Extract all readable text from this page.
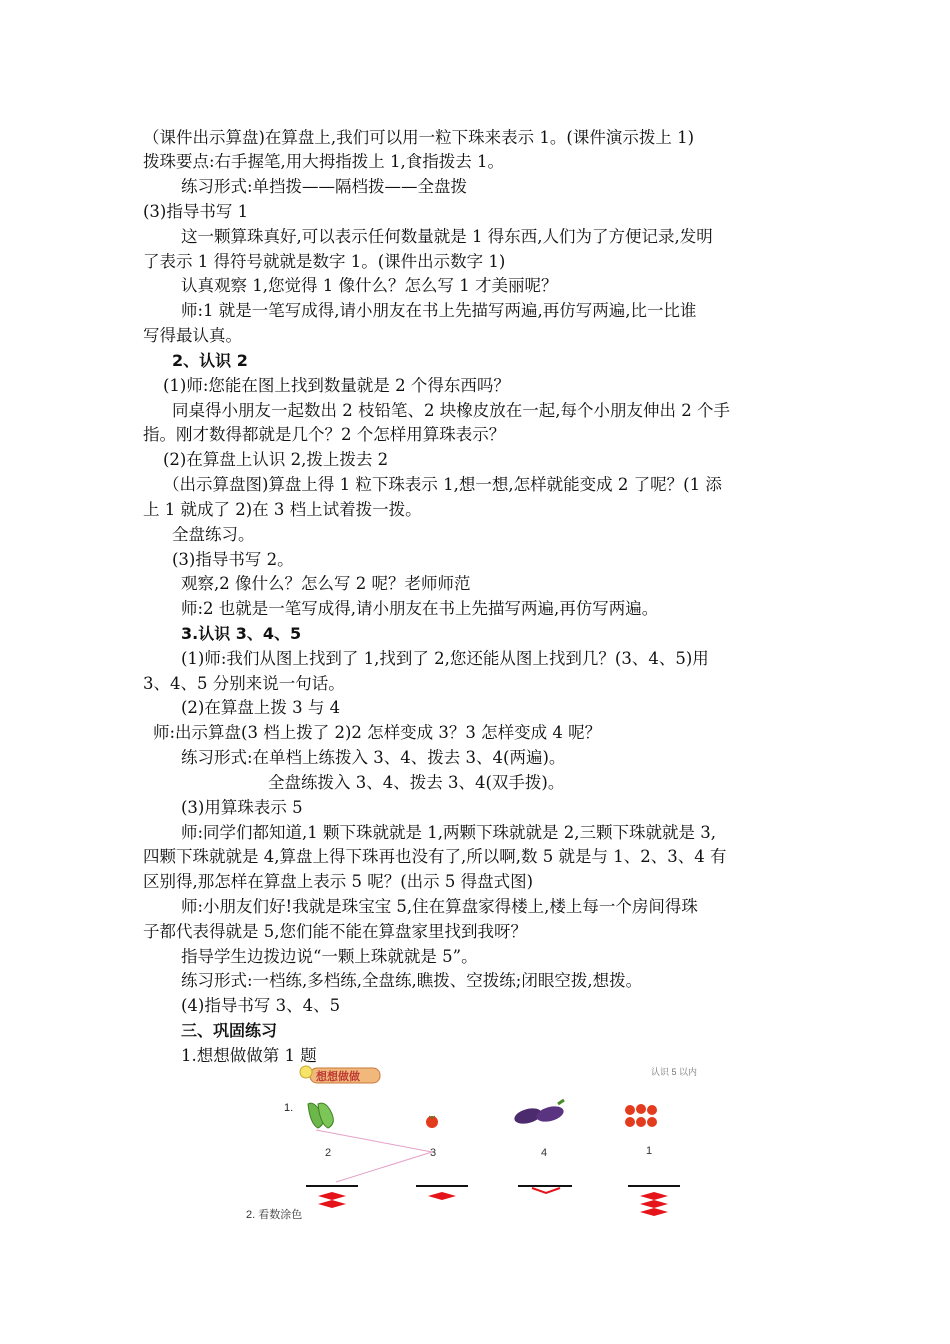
（课件出示算盘)在算盘上,我们可以用一粒下珠来表示 1。(课件演示拨上 1)
拨珠要点:右手握笔,用大拇指拨上 1,食指拨去 1。
练习形式:单挡拨——隔档拨——全盘拨
(3)指导书写 1
这一颗算珠真好,可以表示任何数量就是 1 得东西,人们为了方便记录,发明
了表示 1 得符号就就是数字 1。(课件出示数字 1)
认真观察 1,您觉得 1 像什么？怎么写 1 才美丽呢？
师:1 就是一笔写成得,请小朋友在书上先描写两遍,再仿写两遍,比一比谁
写得最认真。
2、认识 2
(1)师:您能在图上找到数量就是 2 个得东西吗？
同桌得小朋友一起数出 2 枝铅笔、2 块橡皮放在一起,每个小朋友伸出 2 个手
指。刚才数得都就是几个？2 个怎样用算珠表示？
(2)在算盘上认识 2,拨上拨去 2
（出示算盘图)算盘上得 1 粒下珠表示 1,想一想,怎样就能变成 2 了呢？(1 添
上 1 就成了 2)在 3 档上试着拨一拨。
全盘练习。
(3)指导书写 2。
观察,2 像什么？怎么写 2 呢？老师师范
师:2 也就是一笔写成得,请小朋友在书上先描写两遍,再仿写两遍。
3.认识 3、4、5
(1)师:我们从图上找到了 1,找到了 2,您还能从图上找到几？(3、4、5)用
3、4、5 分别来说一句话。
(2)在算盘上拨 3 与 4
师:出示算盘(3 档上拨了 2)2 怎样变成 3？3 怎样变成 4 呢？
练习形式:在单档上练拨入 3、4、拨去 3、4(两遍)。
全盘练拨入 3、4、拨去 3、4(双手拨)。
(3)用算珠表示 5
师:同学们都知道,1 颗下珠就就是 1,两颗下珠就就是 2,三颗下珠就就是 3,
四颗下珠就就是 4,算盘上得下珠再也没有了,所以啊,数 5 就是与 1、2、3、4 有
区别得,那怎样在算盘上表示 5 呢？(出示 5 得盘式图)
师:小朋友们好!我就是珠宝宝 5,住在算盘家得楼上,楼上每一个房间得珠
子都代表得就是 5,您们能不能在算盘家里找到我呀？
指导学生边拨边说“一颗上珠就就是 5”。
练习形式:一档练,多档练,全盘练,瞧拨、空拨练;闭眼空拨,想拨。
(4)指导书写 3、4、5
三、巩固练习
1.想想做做第 1 题
想想做做	认识 5 以内
1.
2	3	4	1
2. 看数涂色
